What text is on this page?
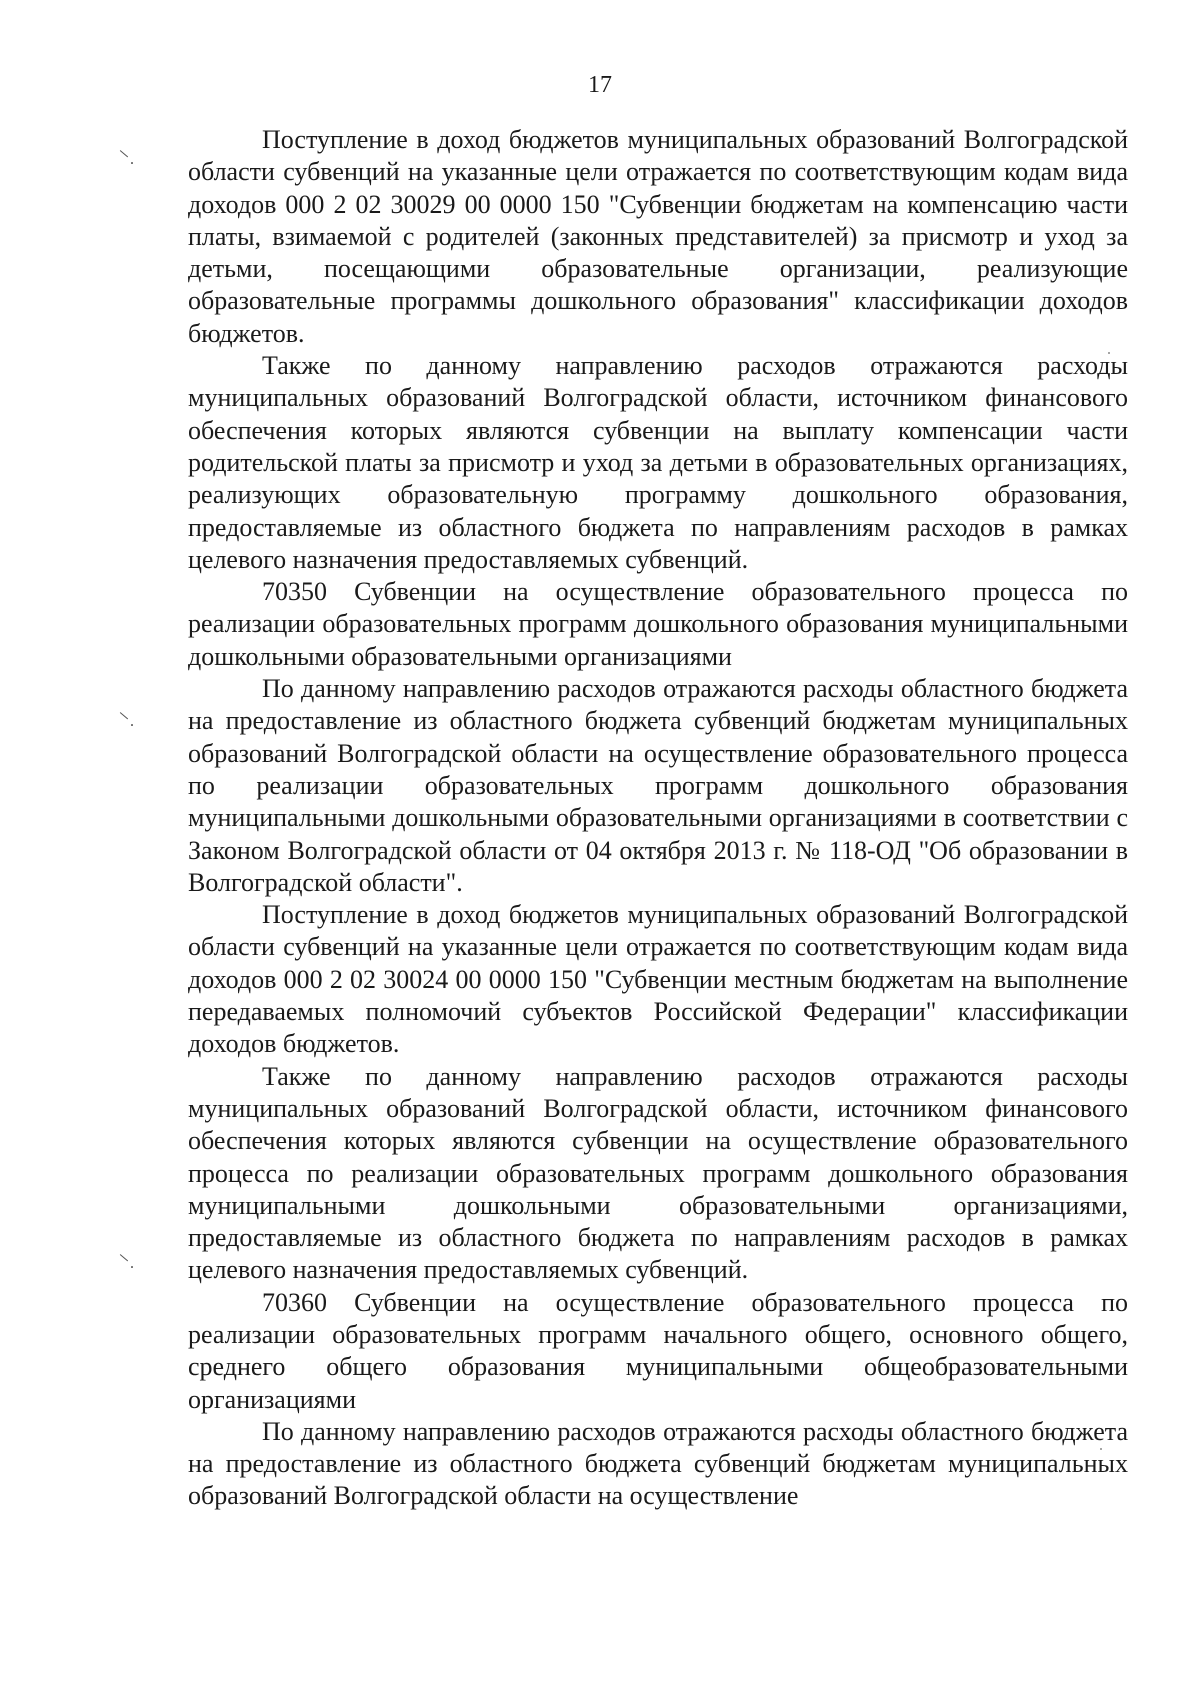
17

Поступление в доход бюджетов муниципальных образований Волгоградской области субвенций на указанные цели отражается по соответствующим кодам вида доходов 000 2 02 30029 00 0000 150 "Субвенции бюджетам на компенсацию части платы, взимаемой с родителей (законных представителей) за присмотр и уход за детьми, посещающими образовательные организации, реализующие образовательные программы дошкольного образования" классификации доходов бюджетов.

Также по данному направлению расходов отражаются расходы муниципальных образований Волгоградской области, источником финансового обеспечения которых являются субвенции на выплату компенсации части родительской платы за присмотр и уход за детьми в образовательных организациях, реализующих образовательную программу дошкольного образования, предоставляемые из областного бюджета по направлениям расходов в рамках целевого назначения предоставляемых субвенций.

70350 Субвенции на осуществление образовательного процесса по реализации образовательных программ дошкольного образования муниципальными дошкольными образовательными организациями

По данному направлению расходов отражаются расходы областного бюджета на предоставление из областного бюджета субвенций бюджетам муниципальных образований Волгоградской области на осуществление образовательного процесса по реализации образовательных программ дошкольного образования муниципальными дошкольными образовательными организациями в соответствии с Законом Волгоградской области от 04 октября 2013 г. № 118-ОД "Об образовании в Волгоградской области".

Поступление в доход бюджетов муниципальных образований Волгоградской области субвенций на указанные цели отражается по соответствующим кодам вида доходов 000 2 02 30024 00 0000 150 "Субвенции местным бюджетам на выполнение передаваемых полномочий субъектов Российской Федерации" классификации доходов бюджетов.

Также по данному направлению расходов отражаются расходы муниципальных образований Волгоградской области, источником финансового обеспечения которых являются субвенции на осуществление образовательного процесса по реализации образовательных программ дошкольного образования муниципальными дошкольными образовательными организациями, предоставляемые из областного бюджета по направлениям расходов в рамках целевого назначения предоставляемых субвенций.

70360 Субвенции на осуществление образовательного процесса по реализации образовательных программ начального общего, основного общего, среднего общего образования муниципальными общеобразовательными организациями

По данному направлению расходов отражаются расходы областного бюджета на предоставление из областного бюджета субвенций бюджетам муниципальных образований Волгоградской области на осуществление
